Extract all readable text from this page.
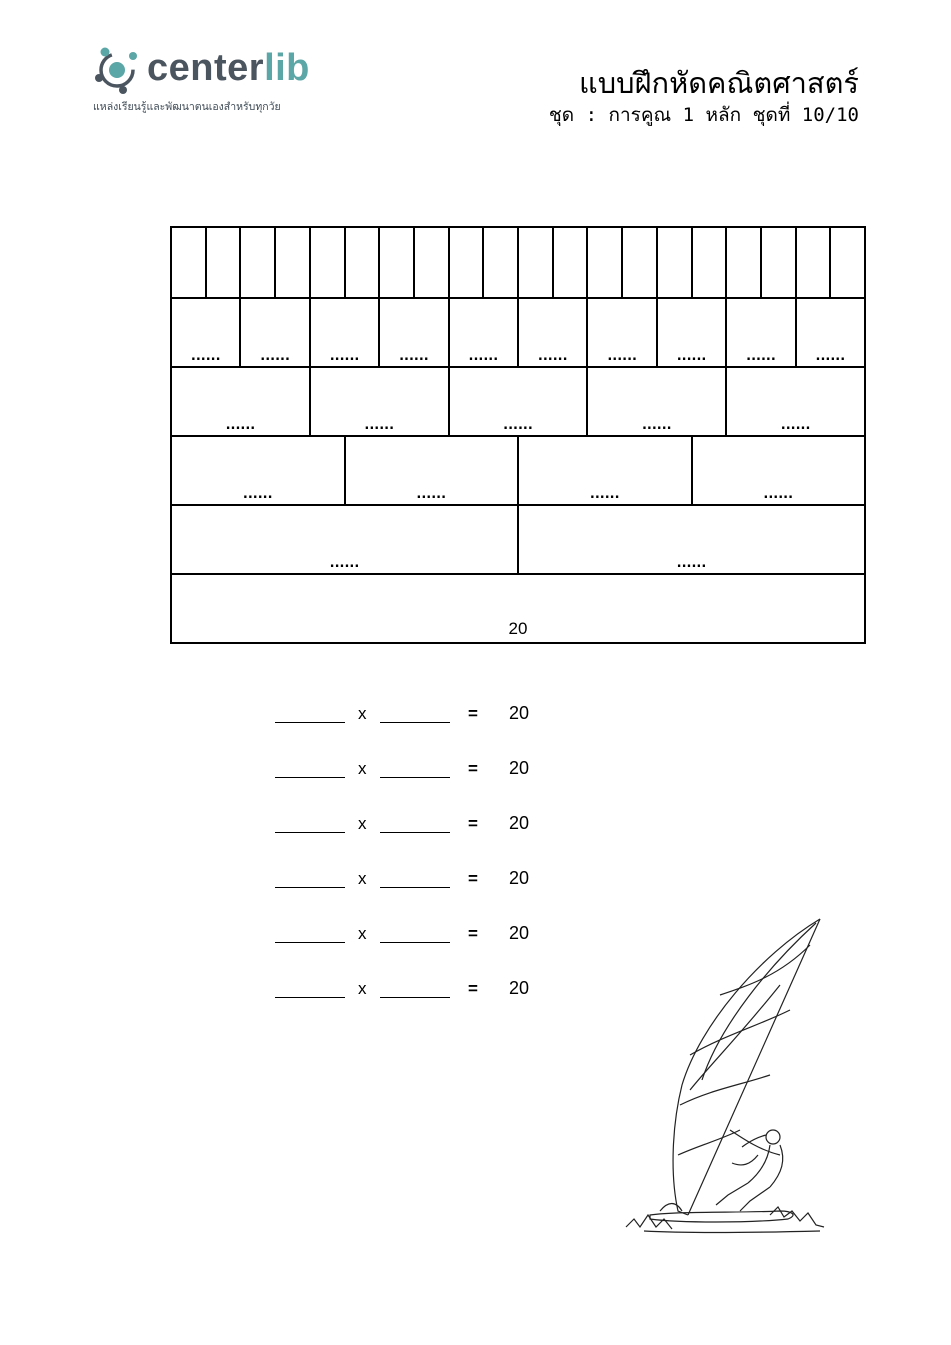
centerlib
แหล่งเรียนรู้และพัฒนาตนเองสำหรับทุกวัย
แบบฝึกหัดคณิตศาสตร์
ชุด : การคูณ 1 หลัก ชุดที่ 10/10
......	......	......	......	......	......	......	......	......	......
......	......	......	......	......
......	......	......	......
......	......
20
x	= 20
x	= 20
x	= 20
x	= 20
x	= 20
x	= 20
